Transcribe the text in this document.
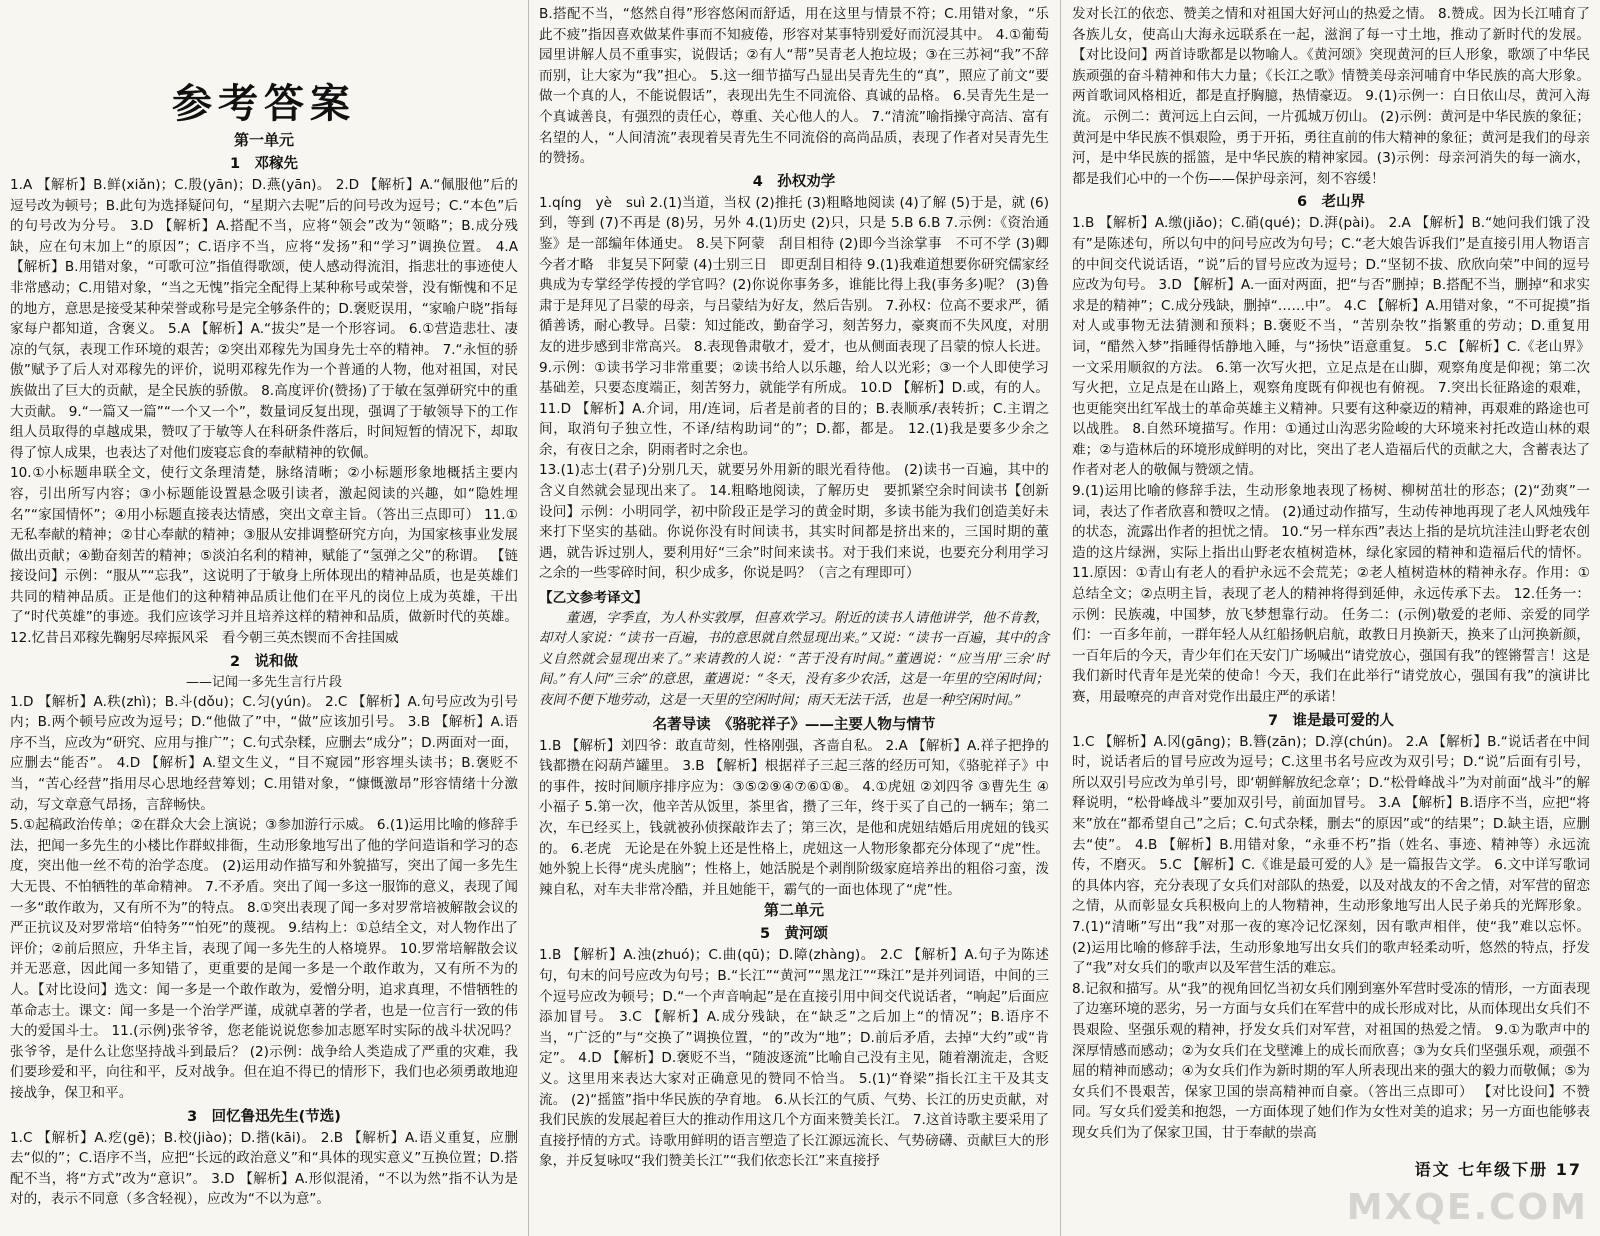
参考答案
第一单元
1　邓稼先

1.A 【解析】B.鲜(xiǎn)；C.殷(yān)；D.燕(yān)。 2.D 【解析】A.“佩服他”后的逗号改为顿号；B.此句为选择疑问句，“星期六去呢”后的问号改为逗号；C.“本色”后的句号改为分号。 3.D 【解析】A.搭配不当，应将“领会”改为“领略”；B.成分残缺，应在句末加上“的原因”；C.语序不当，应将“发扬”和“学习”调换位置。 4.A 【解析】B.用错对象，“可歌可泣”指值得歌颂，使人感动得流泪，指悲壮的事迹使人非常感动；C.用错对象，“当之无愧”指完全配得上某种称号或荣誉，没有惭愧和不足的地方，意思是接受某种荣誉或称号是完全够条件的；D.褒贬误用，“家喻户晓”指每家每户都知道，含褒义。 5.A 【解析】A.“拔尖”是一个形容词。 6.①营造悲壮、凄凉的气氛，表现工作环境的艰苦；②突出邓稼先为国身先士卒的精神。 7.“永恒的骄傲”赋予了后人对邓稼先的评价，说明邓稼先作为一个普通的人物，他对祖国，对民族做出了巨大的贡献，是全民族的骄傲。 8.高度评价(赞扬)了于敏在氢弹研究中的重大贡献。 9.“一篇又一篇”“一个又一个”，数量词反复出现，强调了于敏领导下的工作组人员取得的卓越成果，赞叹了于敏等人在科研条件落后，时间短暂的情况下，却取得了惊人成果，也表达了对他们废寝忘食的奉献精神的钦佩。

10.①小标题串联全文，使行文条理清楚，脉络清晰；②小标题形象地概括主要内容，引出所写内容；③小标题能设置悬念吸引读者，激起阅读的兴趣，如“隐姓埋名”“家国情怀”；④用小标题直接表达情感，突出文章主旨。（答出三点即可） 11.①无私奉献的精神；②甘心奉献的精神；③服从安排调整研究方向，为国家核事业发展做出贡献；④勤奋刻苦的精神；⑤淡泊名利的精神，赋能了“氢弹之父”的称谓。 【链接设问】示例：“服从”“忘我”，这说明了于敏身上所体现出的精神品质，也是英雄们共同的精神品质。正是他们的这种精神品质让他们在平凡的岗位上成为英雄，干出了“时代英雄”的事迹。我们应该学习并且培养这样的精神和品质，做新时代的英雄。 12.忆昔吕邓稼先鞠躬尽瘁振风采　看今朝三英杰锲而不舍挂国威

2　说和做
——记闻一多先生言行片段

1.D 【解析】A.秩(zhì)；B.斗(dǒu)；C.匀(yún)。 2.C 【解析】A.句号应改为引号内；B.两个顿号应改为逗号；D.“他做了”中，“做”应该加引号。 3.B 【解析】A.语序不当，应改为“研究、应用与推广”；C.句式杂糅，应删去“成分”；D.两面对一面，应删去“能否”。 4.D 【解析】A.望文生义，“目不窥园”形容埋头读书；B.褒贬不当，“苦心经营”指用尽心思地经营筹划；C.用错对象，“慷慨激昂”形容情绪十分激动，写文章意气昂扬，言辞畅快。

5.①起稿政治传单；②在群众大会上演说；③参加游行示威。 6.(1)运用比喻的修辞手法，把闻一多先生的小楼比作群蚁排衙，生动形象地写出了他的学问造诣和学习的态度，突出他一丝不苟的治学态度。 (2)运用动作描写和外貌描写，突出了闻一多先生大无畏、不怕牺牲的革命精神。 7.不矛盾。突出了闻一多这一服饰的意义，表现了闻一多“敢作敢为，又有所不为”的特点。 8.①突出表现了闻一多对罗常培被解散会议的严正抗议及对罗常培“伯特务”“怕死”的蔑视。 9.结构上：①总结全文，对人物作出了评价；②前后照应，升华主旨，表现了闻一多先生的人格境界。 10.罗常培解散会议并无恶意，因此闻一多知错了，更重要的是闻一多是一个敢作敢为，又有所不为的人。【对比设问】选文：闻一多是一个敢作敢为，爱憎分明，追求真理，不惜牺牲的革命志士。课文：闻一多是一个治学严谨，成就卓著的学者，也是一位言行一致的伟大的爱国斗士。 11.(示例)张爷爷，您老能说说您参加志愿军时实际的战斗状况吗？ 张爷爷，是什么让您坚持战斗到最后？ (2)示例：战争给人类造成了严重的灾难，我们要珍爱和平，向往和平，反对战争。但在迫不得已的情形下，我们也必须勇敢地迎接战争，保卫和平。

3　回忆鲁迅先生(节选)

1.C 【解析】A.疙(gē)；B.校(jiào)；D.揩(kāi)。 2.B 【解析】A.语义重复，应删去“似的”；C.语序不当，应把“长远的政治意义”和“具体的现实意义”互换位置；D.搭配不当，将“方式”改为“意识”。 3.D 【解析】A.形似混淆，“不以为然”指不认为是对的，表示不同意（多含轻视），应改为“不以为意”。

B.搭配不当，“悠然自得”形容悠闲而舒适，用在这里与情景不符；C.用错对象，“乐此不疲”指因喜欢做某件事而不知疲倦，形容对某事特别爱好而沉浸其中。 4.①葡萄园里讲解人员不重事实，说假话；②有人“帮”吴青老人抱垃圾；③在三苏祠“我”不辞而别，让大家为“我”担心。 5.这一细节描写凸显出吴青先生的“真”，照应了前文“要做一个真的人，不能说假话”，表现出先生不同流俗、真诚的品格。 6.吴青先生是一个真诚善良，有强烈的责任心，尊重、关心他人的人。 7.“清流”喻指操守高洁、富有名望的人，“人间清流”表现着吴青先生不同流俗的高尚品质，表现了作者对吴青先生的赞扬。

4　孙权劝学

1.qíng　yè　suì 2.(1)当道，当权 (2)推托 (3)粗略地阅读 (4)了解 (5)于是，就 (6)到，等到 (7)不再是 (8)另，另外 4.(1)历史 (2)只，只是 5.B 6.B 7.示例：《资治通鉴》是一部编年体通史。 8.吴下阿蒙　刮目相待 (2)即今当涂掌事　不可不学 (3)卿今者才略　非复吴下阿蒙 (4)士别三日　即更刮目相待 9.(1)我难道想要你研究儒家经典成为专掌经学传授的学官吗？(2)你说你事务多，谁能比得上我(事务多)呢？ (3)鲁肃于是拜见了吕蒙的母亲，与吕蒙结为好友，然后告别。 7.孙权：位高不要求严，循循善诱，耐心教导。吕蒙：知过能改，勤奋学习，刻苦努力，豪爽而不失风度，对朋友的进步感到非常高兴。 8.表现鲁肃敬才，爱才，也从侧面表现了吕蒙的惊人长进。 9.示例：①读书学习非常重要；②读书给人以乐趣，给人以光彩；③一个人即使学习基础差，只要态度端正，刻苦努力，就能学有所成。 10.D 【解析】D.或，有的人。 11.D 【解析】A.介词，用/连词，后者是前者的目的；B.表顺承/表转折；C.主谓之间，取消句子独立性，不译/结构助词“的”；D.都，都是。 12.(1)我是要多少余之余，有夜日之余，阴雨者时之余也。

13.(1)志士(君子)分别几天，就要另外用新的眼光看待他。 (2)读书一百遍，其中的含义自然就会显现出来了。 14.粗略地阅读，了解历史　要抓紧空余时间读书【创新设问】示例：小明同学，初中阶段正是学习的黄金时期，多读书能为我们创造美好未来打下坚实的基础。你说你没有时间读书，其实时间都是挤出来的，三国时期的董遇，就告诉过别人，要利用好“三余”时间来读书。对于我们来说，也要充分利用学习之余的一些零碎时间，积少成多，你说是吗？（言之有理即可）

【乙文参考译文】

董遇，字季直，为人朴实敦厚，但喜欢学习。附近的读书人请他讲学，他不肯教，却对人家说：“读书一百遍，书的意思就自然显现出来。”又说：“读书一百遍，其中的含义自然就会显现出来了。”来请教的人说：“苦于没有时间。”董遇说：“应当用‘三余’时间。”有人问“三余”的意思，董遇说：“冬天，没有多少农活，这是一年里的空闲时间；夜间不便下地劳动，这是一天里的空闲时间；雨天无法干活，也是一种空闲时间。”

名著导读　《骆驼祥子》——主要人物与情节

1.B 【解析】刘四爷：敢直苛刻，性格刚强，吝啬自私。 2.A 【解析】A.祥子把挣的钱都攒在闷葫芦罐里。 3.B 【解析】根据祥子三起三落的经历可知，《骆驼祥子》中的事件，按时间顺序排序应为：③⑤②⑨④⑦⑥①⑧。 4.①虎妞 ②刘四爷 ③曹先生 ④小福子 5.第一次，他辛苦从饭里，茶里省，攒了三年，终于买了自己的一辆车；第二次，车已经买上，钱就被孙侦探敲诈去了；第三次，是他和虎妞结婚后用虎妞的钱买的。 6.老虎　无论是在外貌上还是性格上，虎妞这一人物形象都充分体现了“虎”性。她外貌上长得“虎头虎脑”；性格上，她活脱是个剥削阶级家庭培养出的粗俗刁蛮，泼辣自私，对车夫非常冷酷，并且她能干，霸气的一面也体现了“虎”性。

第二单元
5　黄河颂

1.B 【解析】A.浊(zhuó)；C.曲(qū)；D.障(zhàng)。 2.C 【解析】A.句子为陈述句，句末的问号应改为句号；B.“长江”“黄河”“黑龙江”“珠江”是并列词语，中间的三个逗号应改为顿号；D.“一个声音响起”是在直接引用中间交代说话者，“响起”后面应添加冒号。 3.C 【解析】A.成分残缺，在“缺乏”之后加上“的情况”；B.语序不当，“广泛的”与“交换了”调换位置，“的”改为“地”；D.前后矛盾，去掉“大约”或“肯定”。 4.D 【解析】D.褒贬不当，“随波逐流”比喻自己没有主见，随着潮流走，含贬义。这里用来表达大家对正确意见的赞同不恰当。 5.(1)“脊梁”指长江主干及其支流。 (2)“摇篮”指中华民族的孕育地。 6.从长江的气质、气势、长江的历史贡献，对我们民族的发展起着巨大的推动作用这几个方面来赞美长江。 7.这首诗歌主要采用了直接抒情的方式。诗歌用鲜明的语言塑造了长江源远流长、气势磅礴、贡献巨大的形象，并反复咏叹“我们赞美长江”“我们依恋长江”来直接抒

发对长江的依恋、赞美之情和对祖国大好河山的热爱之情。 8.赞成。因为长江哺育了各族儿女，使高山大海永远联系在一起，滋润了每一寸土地，推动了新时代的发展。【对比设问】两首诗歌都是以物喻人。《黄河颂》突现黄河的巨人形象，歌颂了中华民族顽强的奋斗精神和伟大力量；《长江之歌》情赞美母亲河哺育中华民族的高大形象。两首歌词风格相近，都是直抒胸臆，热情豪迈。 9.(1)示例一：白日依山尽，黄河入海流。 示例二：黄河远上白云间，一片孤城万仞山。 (2)示例：黄河是中华民族的象征；黄河是中华民族不惧艰险，勇于开拓，勇往直前的伟大精神的象征；黄河是我们的母亲河，是中华民族的摇篮，是中华民族的精神家园。(3)示例：母亲河消失的每一滴水，都是我们心中的一个伤——保护母亲河，刻不容缓！

6　老山界

1.B 【解析】A.缴(jiǎo)；C.硝(qué)；D.湃(pài)。 2.A 【解析】B.“她问我们饿了没有”是陈述句，所以句中的问号应改为句号；C.“老大娘告诉我们”是直接引用人物语言的中间交代说话语，“说”后的冒号应改为逗号；D.“坚韧不拔、欣欣向荣”中间的逗号应改为句号。 3.D 【解析】A.一面对两面，把“与否”删掉；B.搭配不当，删掉“和求实求是的精神”；C.成分残缺，删掉“……中”。 4.C 【解析】A.用错对象，“不可捉摸”指对人或事物无法猜测和预料；B.褒贬不当，“苦别杂牧”指繁重的劳动；D.重复用词，“醋然入梦”指睡得恬静地入睡，与“扬快”语意重复。 5.C 【解析】C.《老山界》一文采用顺叙的方法。 6.第一次写火把，立足点是在山脚，观察角度是仰视；第二次写火把，立足点是在山路上，观察角度既有仰视也有俯视。 7.突出长征路途的艰难，也更能突出红军战士的革命英雄主义精神。只要有这种豪迈的精神，再艰难的路途也可以战胜。 8.自然环境描写。作用：①通过山沟恶劣险峻的大环境来衬托改造山林的艰难；②与造林后的环境形成鲜明的对比，突出了老人造福后代的贡献之大，含蓄表达了作者对老人的敬佩与赞颂之情。

9.(1)运用比喻的修辞手法，生动形象地表现了杨树、柳树茁壮的形态；(2)“劲爽”一词，表达了作者欣喜和赞叹之情。 (2)通过动作描写，生动传神地再现了老人风烛残年的状态，流露出作者的担忧之情。 10.“另一样东西”表达上指的是坑坑洼洼山野老农创造的这片绿洲，实际上指出山野老农植树造林，绿化家园的精神和造福后代的情怀。 11.原因：①青山有老人的看护永远不会荒芜；②老人植树造林的精神永存。作用：①总结全文；②点明主旨，表现了老人的精神将得到延伸，永远传承下去。 12.任务一：示例：民族魂，中国梦，放飞梦想靠行动。 任务二：(示例)敬爱的老师、亲爱的同学们：一百多年前，一群年轻人从红船扬帆启航，敢教日月换新天，换来了山河换新颜，一百年后的今天，青少年们在天安门广场喊出“请党放心，强国有我”的铿锵誓言！这是我们新时代青年是光荣的使命！今天，我们在此举行“请党放心，强国有我”的演讲比赛，用最嘹亮的声音对党作出最庄严的承诺！

7　谁是最可爱的人

1.C 【解析】A.冈(gāng)；B.簪(zān)；D.淳(chún)。 2.A 【解析】B.“说话者在中间时，说话者后的冒号应改为逗号；C.这里书名号应改为双引号；D.“说”后面有引号，所以双引号应改为单引号，即‘朝鲜解放纪念章’；D.“松骨峰战斗”为对前面“战斗”的解释说明，“松骨峰战斗”要加双引号，前面加冒号。 3.A 【解析】B.语序不当，应把“将来”放在“都希望自己”之后；C.句式杂糅，删去“的原因”或“的结果”；D.缺主语，应删去“使”。 4.B 【解析】B.用错对象，“永垂不朽”指（姓名、事迹、精神等）永远流传，不磨灭。 5.C 【解析】C.《谁是最可爱的人》是一篇报告文学。 6.文中详写歌词的具体内容，充分表现了女兵们对部队的热爱，以及对战友的不舍之情，对军营的留恋之情，从而彰显女兵积极向上的人物精神，生动形象地写出人民子弟兵的光辉形象。 7.(1)“清晰”写出“我”对那一夜的寒冷记忆深刻，因有歌声相伴，使“我”难以忘怀。 (2)运用比喻的修辞手法，生动形象地写出女兵们的歌声轻柔动听，悠然的特点，抒发了“我”对女兵们的歌声以及军营生活的难忘。

8.记叙和描写。从“我”的视角回忆当初女兵们刚到塞外军营时受冻的情形，一方面表现了边塞环境的恶劣，另一方面与女兵们在军营中的成长形成对比，从而体现出女兵们不畏艰险、坚强乐观的精神，抒发女兵们对军营，对祖国的热爱之情。 9.①为歌声中的深厚情感而感动；②为女兵们在戈壁滩上的成长而欣喜；③为女兵们坚强乐观，顽强不屈的精神而感动；④为女兵们作为新时期的军人所表现出来的强大的毅力而敬佩；⑤为女兵们不畏艰苦，保家卫国的崇高精神而自豪。（答出三点即可） 【对比设问】不赞同。写女兵们爱美和抱怨，一方面体现了她们作为女性对美的追求；另一方面也能够表现女兵们为了保家卫国，甘于奉献的崇高

语文 七年级下册 17
MXQE.COM
